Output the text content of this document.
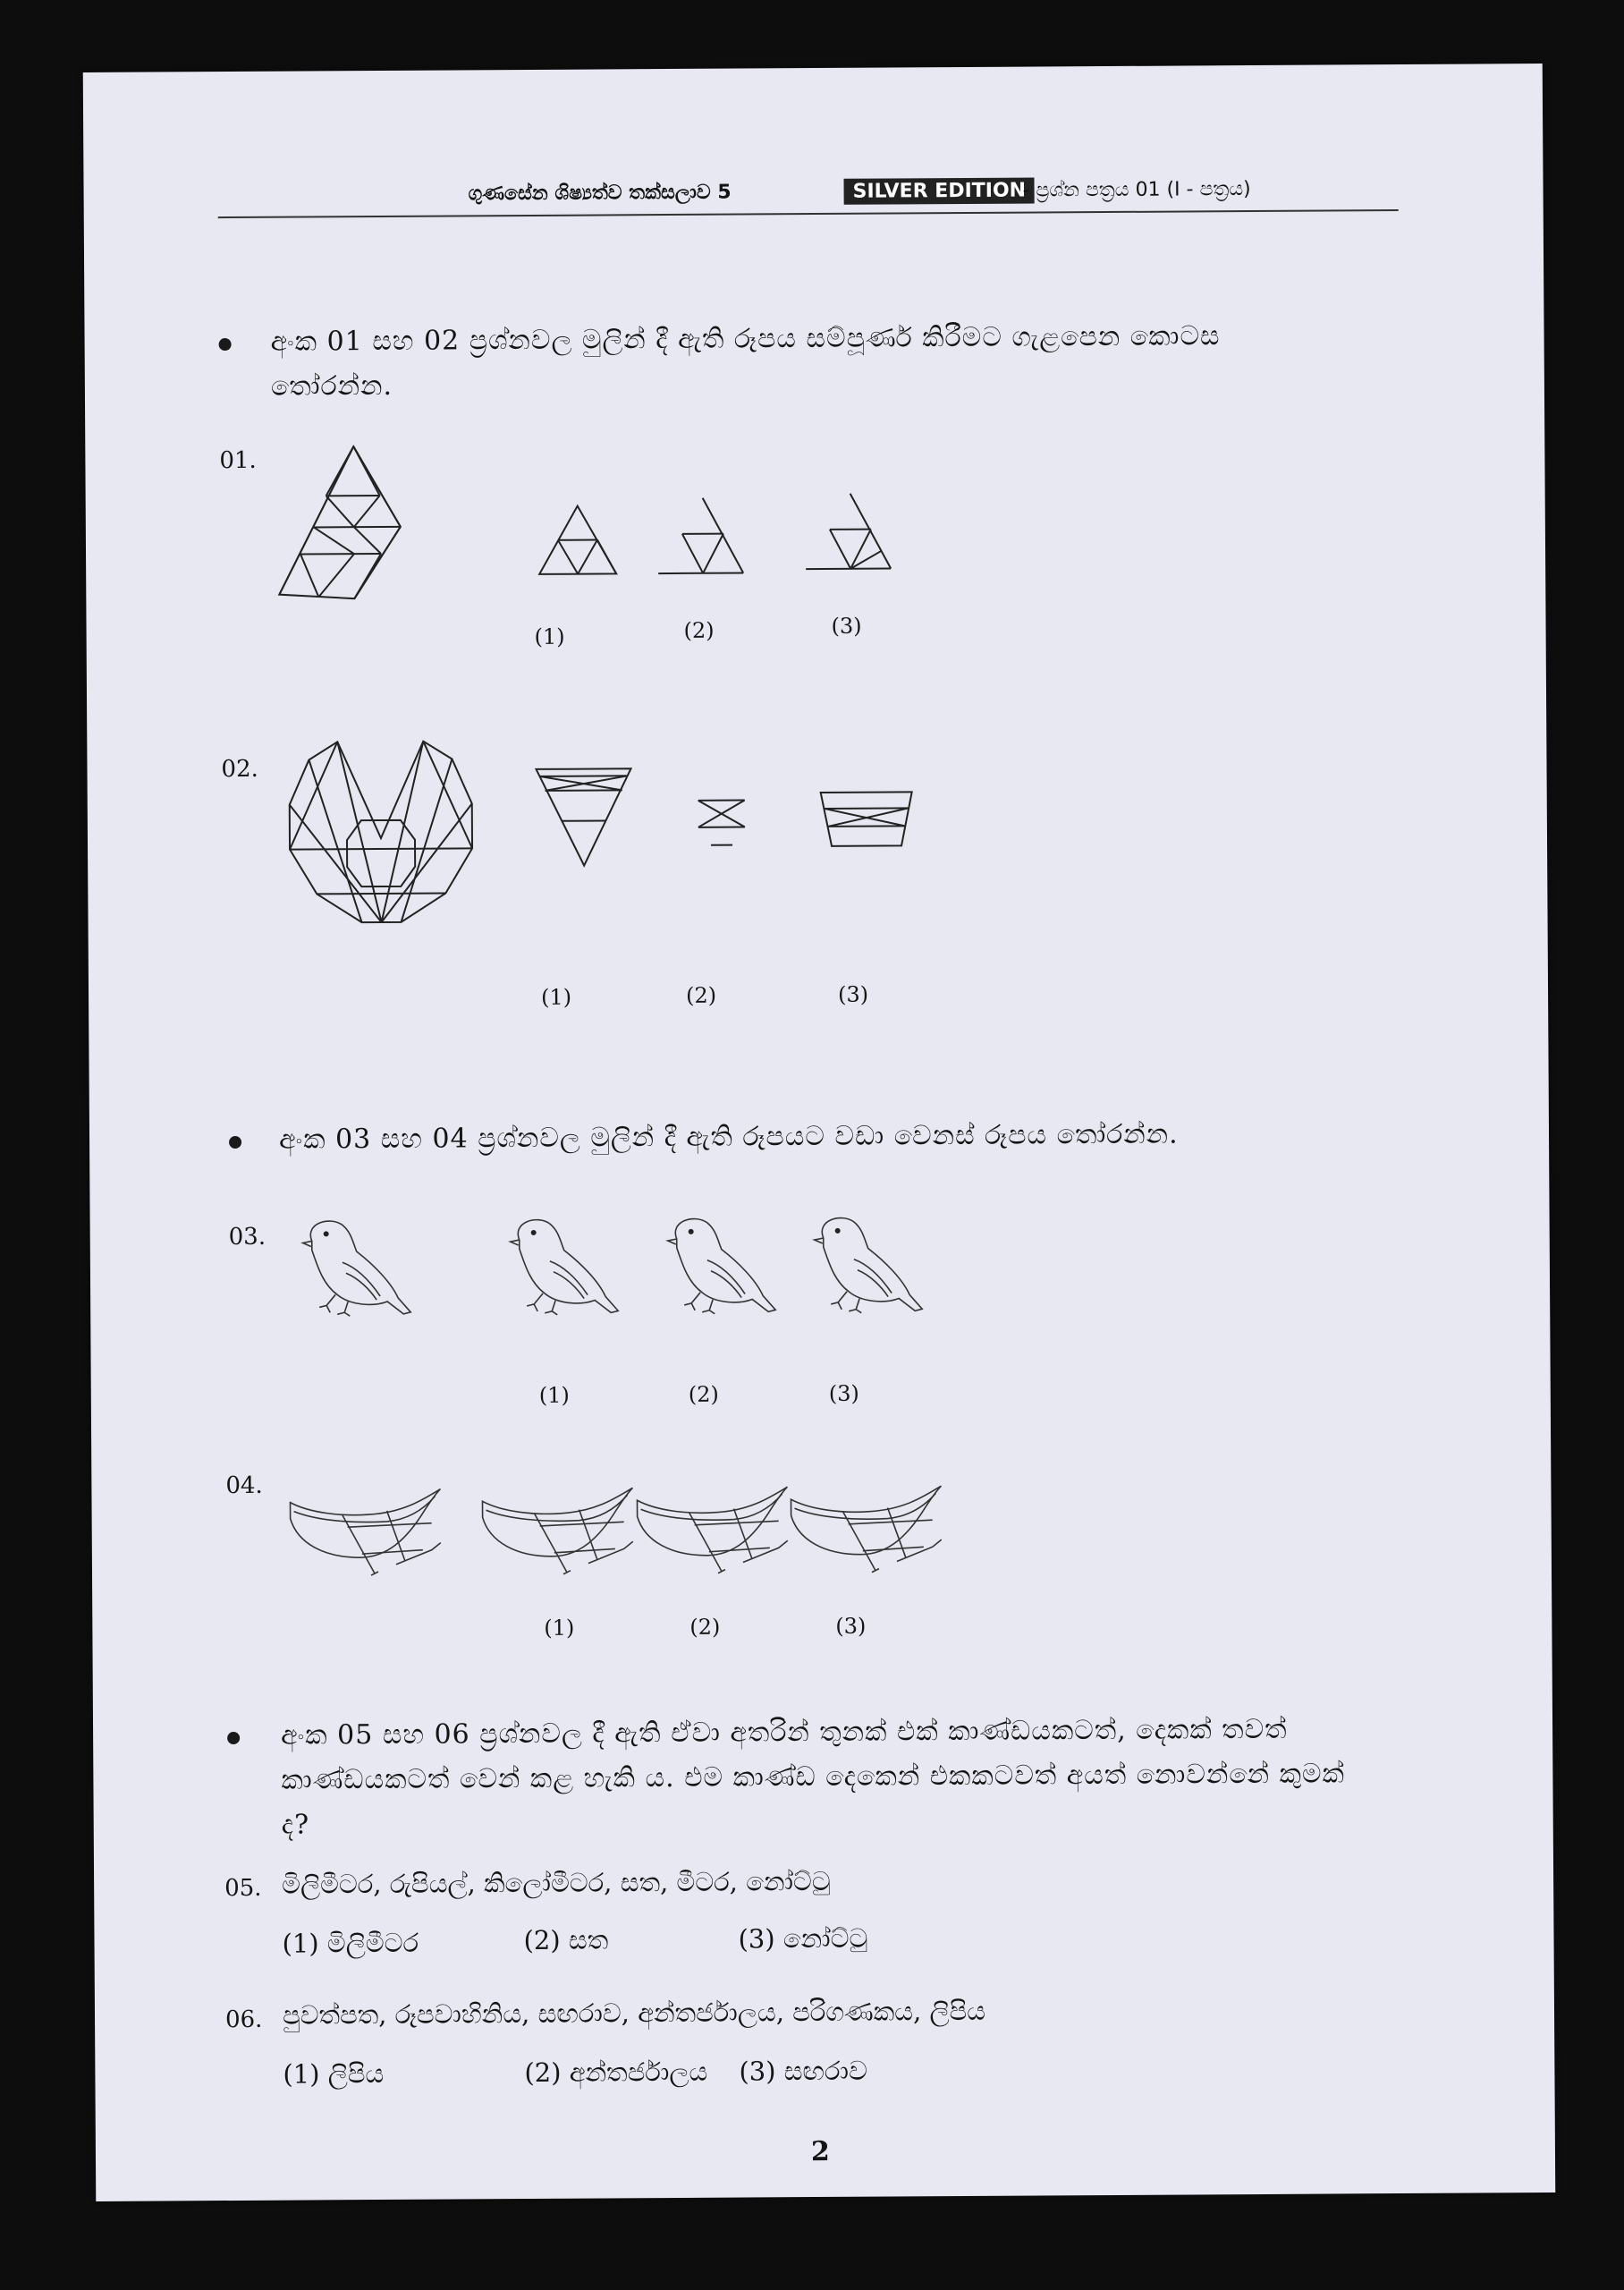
ගුණසේන ශිෂ්‍යත්ව තක්සලාව 5	SILVER EDITION
- ප්‍රශ්න පත්‍රය 01 (I - පත්‍රය)
අංක 01 සහ 02 ප්‍රශ්නවල මුලින් දී ඇති රූපය සම්පූර්ණ කිරීමට ගැළපෙන කොටස තෝරන්න.
01.
(1)	(2)	(3)
02.
(1)	(2)	(3)
අංක 03 සහ 04 ප්‍රශ්නවල මුලින් දී ඇති රූපයට වඩා වෙනස් රූපය තෝරන්න.
03.
(1)	(2)	(3)
04.
(1)	(2)	(3)
අංක 05 සහ 06 ප්‍රශ්නවල දී ඇති ඒවා අතරින් තුනක් එක් කාණ්ඩයකටත්, දෙකක් තවත් කාණ්ඩයකටත් වෙන් කළ හැකි ය. එම කාණ්ඩ දෙකෙන් එකකටවත් අයත් නොවන්නේ කුමක් ද?
05. මිලිමීටර, රුපියල්, කිලෝමීටර, සත, මීටර, නෝට්ටු
(1) මිලිමීටර	(2) සත	(3) නෝට්ටු
06. පුවත්පත, රූපවාහිනිය, සඟරාව, අන්තර්ජාලය, පරිගණකය, ලිපිය
(1) ලිපිය	(2) අන්තර්ජාලය (3) සඟරාව
2
